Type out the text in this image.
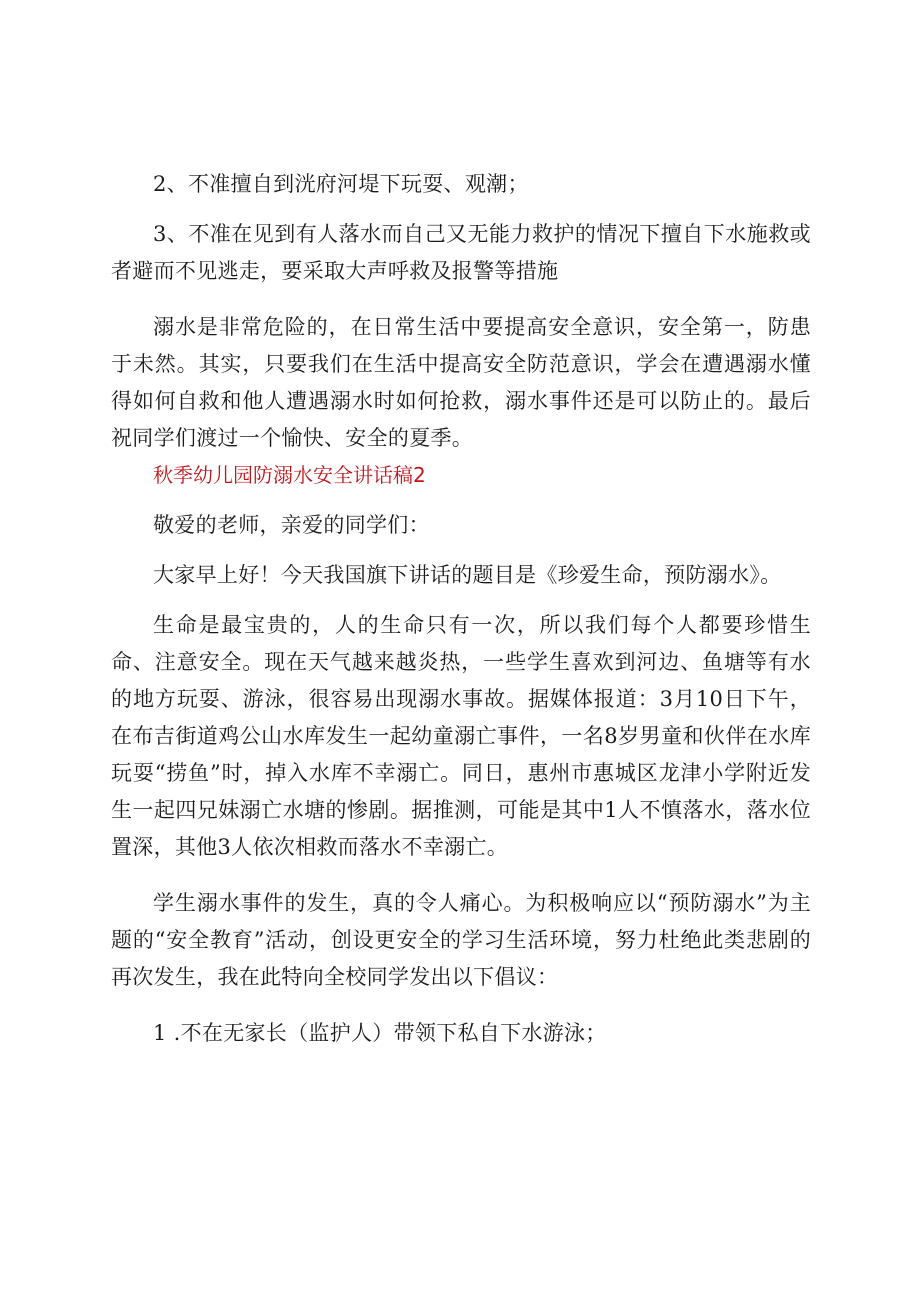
2、不准擅自到洸府河堤下玩耍、观潮；

3、不准在见到有人落水而自己又无能力救护的情况下擅自下水施救或者避而不见逃走，要采取大声呼救及报警等措施

溺水是非常危险的，在日常生活中要提高安全意识，安全第一，防患于未然。其实，只要我们在生活中提高安全防范意识，学会在遭遇溺水懂得如何自救和他人遭遇溺水时如何抢救，溺水事件还是可以防止的。最后祝同学们渡过一个愉快、安全的夏季。

秋季幼儿园防溺水安全讲话稿2

敬爱的老师，亲爱的同学们：

大家早上好！今天我国旗下讲话的题目是《珍爱生命，预防溺水》。

生命是最宝贵的，人的生命只有一次，所以我们每个人都要珍惜生命、注意安全。现在天气越来越炎热，一些学生喜欢到河边、鱼塘等有水的地方玩耍、游泳，很容易出现溺水事故。据媒体报道：3月10日下午，在布吉街道鸡公山水库发生一起幼童溺亡事件，一名8岁男童和伙伴在水库玩耍“捞鱼”时，掉入水库不幸溺亡。同日，惠州市惠城区龙津小学附近发生一起四兄妹溺亡水塘的惨剧。据推测，可能是其中1人不慎落水，落水位置深，其他3人依次相救而落水不幸溺亡。

学生溺水事件的发生，真的令人痛心。为积极响应以“预防溺水”为主题的“安全教育”活动，创设更安全的学习生活环境，努力杜绝此类悲剧的再次发生，我在此特向全校同学发出以下倡议：

1 .不在无家长（监护人）带领下私自下水游泳；
